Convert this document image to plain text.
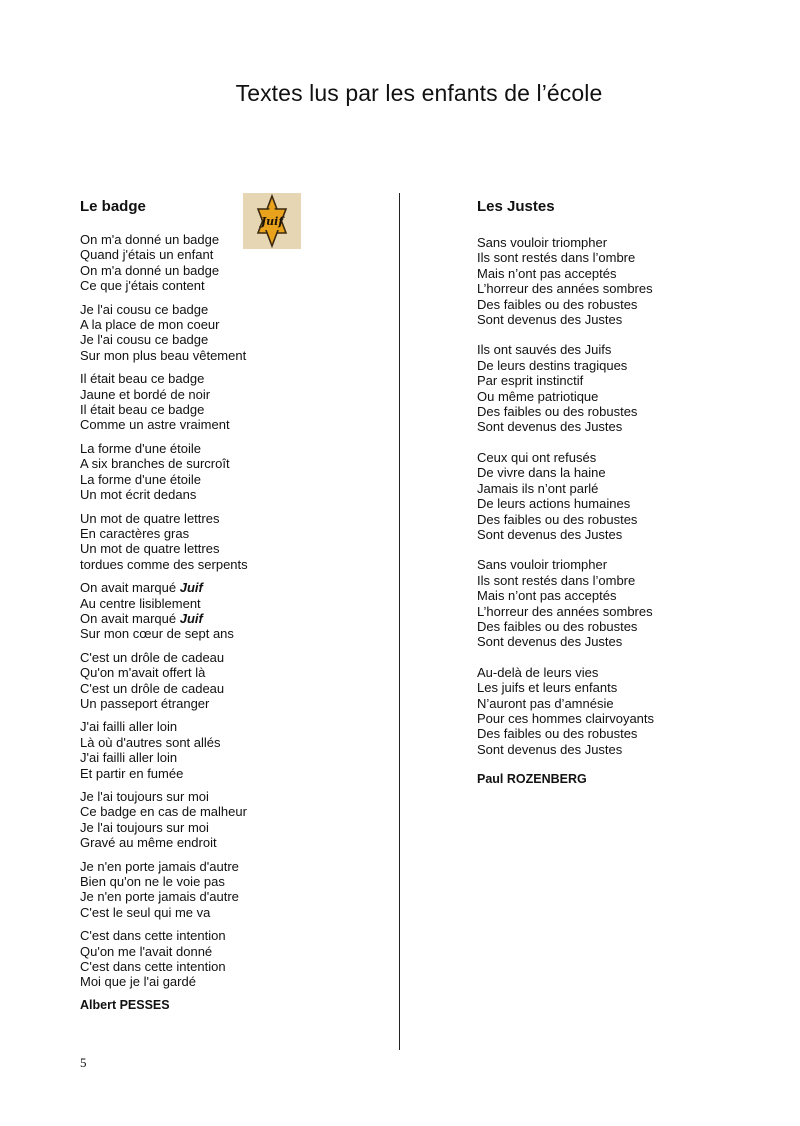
Textes lus par les enfants de l’école
Le badge
On m'a donné un badge
Quand j'étais un enfant
On m'a donné un badge
Ce que j'étais content
Je l'ai cousu ce badge
A la place de mon coeur
Je l'ai cousu ce badge
Sur mon plus beau vêtement
Il était beau ce badge
Jaune et bordé de noir
Il était beau ce badge
Comme un astre vraiment
La forme d'une étoile
A six branches de surcroît
La forme d'une étoile
Un mot écrit dedans
Un mot de quatre lettres
En caractères gras
Un mot de quatre lettres
tordues comme des serpents
On avait marqué Juif
Au centre lisiblement
On avait marqué Juif
Sur mon cœur de sept ans
C'est un drôle de cadeau
Qu'on m'avait offert là
C'est un drôle de cadeau
Un passeport étranger
J'ai failli aller loin
Là où d'autres sont allés
J'ai failli aller loin
Et partir en fumée
Je l'ai toujours sur moi
Ce badge en cas de malheur
Je l'ai toujours sur moi
Gravé au même endroit
Je n'en porte jamais d'autre
Bien qu'on ne le voie pas
Je n'en porte jamais d'autre
C'est le seul qui me va
C'est dans cette intention
Qu'on me l'avait donné
C'est dans cette intention
Moi que je l'ai gardé
Albert PESSES
Juif
Les Justes
Sans vouloir triompher
Ils sont restés dans l’ombre
Mais n’ont pas acceptés
L’horreur des années sombres
Des faibles ou des robustes
Sont devenus des Justes
Ils ont sauvés des Juifs
De leurs destins tragiques
Par esprit instinctif
Ou même patriotique
Des faibles ou des robustes
Sont devenus des Justes
Ceux qui ont refusés
De vivre dans la haine
Jamais ils n’ont parlé
De leurs actions humaines
Des faibles ou des robustes
Sont devenus des Justes
Sans vouloir triompher
Ils sont restés dans l’ombre
Mais n’ont pas acceptés
L’horreur des années sombres
Des faibles ou des robustes
Sont devenus des Justes
Au-delà de leurs vies
Les juifs et leurs enfants
N’auront pas d’amnésie
Pour ces hommes clairvoyants
Des faibles ou des robustes
Sont devenus des Justes
Paul ROZENBERG
5
